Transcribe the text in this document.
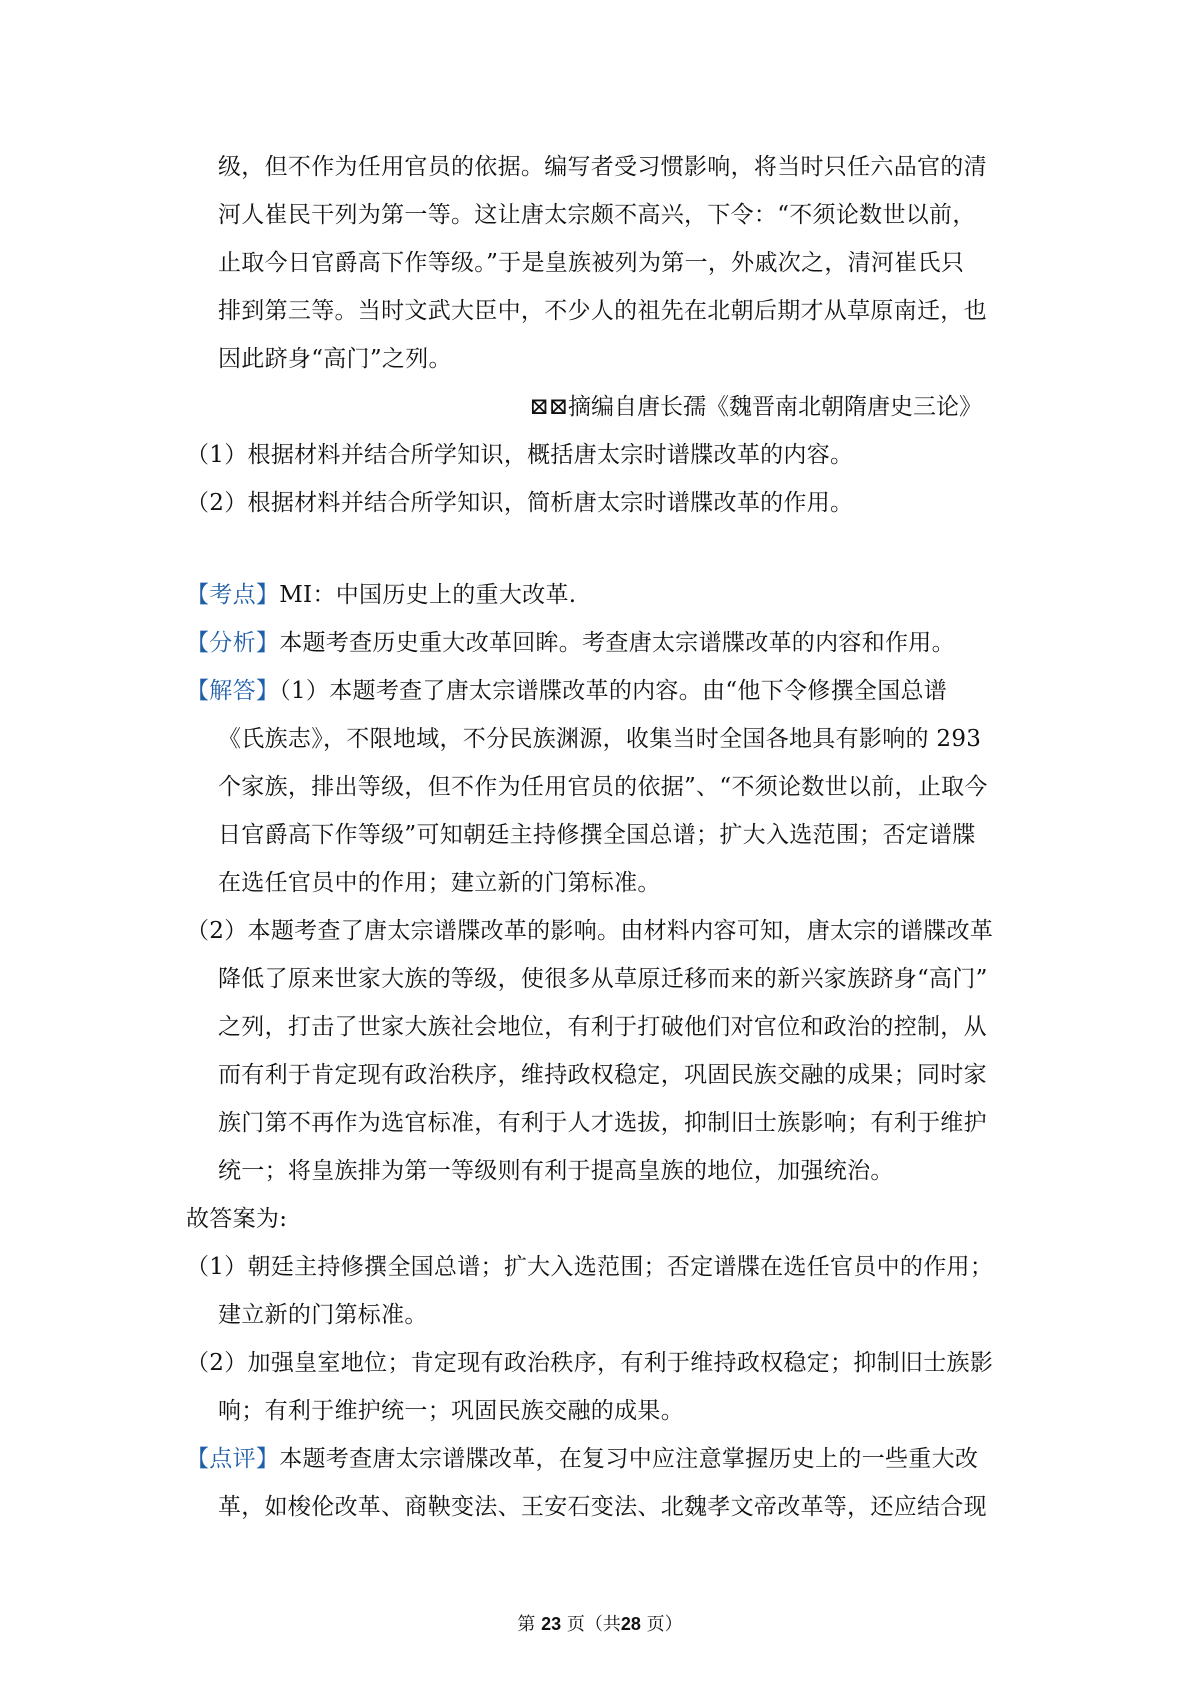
级，但不作为任用官员的依据。编写者受习惯影响，将当时只任六品官的清
河人崔民干列为第一等。这让唐太宗颇不高兴，下令：“不须论数世以前，
止取今日官爵高下作等级。”于是皇族被列为第一，外戚次之，清河崔氏只
排到第三等。当时文武大臣中，不少人的祖先在北朝后期才从草原南迁，也
因此跻身“高门”之列。
⊠⊠摘编自唐长孺《魏晋南北朝隋唐史三论》
（1）根据材料并结合所学知识，概括唐太宗时谱牒改革的内容。
（2）根据材料并结合所学知识，简析唐太宗时谱牒改革的作用。
【考点】MI：中国历史上的重大改革.
【分析】本题考查历史重大改革回眸。考查唐太宗谱牒改革的内容和作用。
【解答】（1）本题考查了唐太宗谱牒改革的内容。由“他下令修撰全国总谱
《氏族志》，不限地域，不分民族渊源，收集当时全国各地具有影响的 293
个家族，排出等级，但不作为任用官员的依据”、“不须论数世以前，止取今
日官爵高下作等级”可知朝廷主持修撰全国总谱；扩大入选范围；否定谱牒
在选任官员中的作用；建立新的门第标准。
（2）本题考查了唐太宗谱牒改革的影响。由材料内容可知，唐太宗的谱牒改革
降低了原来世家大族的等级，使很多从草原迁移而来的新兴家族跻身“高门”
之列，打击了世家大族社会地位，有利于打破他们对官位和政治的控制，从
而有利于肯定现有政治秩序，维持政权稳定，巩固民族交融的成果；同时家
族门第不再作为选官标准，有利于人才选拔，抑制旧士族影响；有利于维护
统一；将皇族排为第一等级则有利于提高皇族的地位，加强统治。
故答案为:
（1）朝廷主持修撰全国总谱；扩大入选范围；否定谱牒在选任官员中的作用；
建立新的门第标准。
（2）加强皇室地位；肯定现有政治秩序，有利于维持政权稳定；抑制旧士族影
响；有利于维护统一；巩固民族交融的成果。
【点评】本题考查唐太宗谱牒改革，在复习中应注意掌握历史上的一些重大改
革，如梭伦改革、商鞅变法、王安石变法、北魏孝文帝改革等，还应结合现
第 23 页（共28 页）
